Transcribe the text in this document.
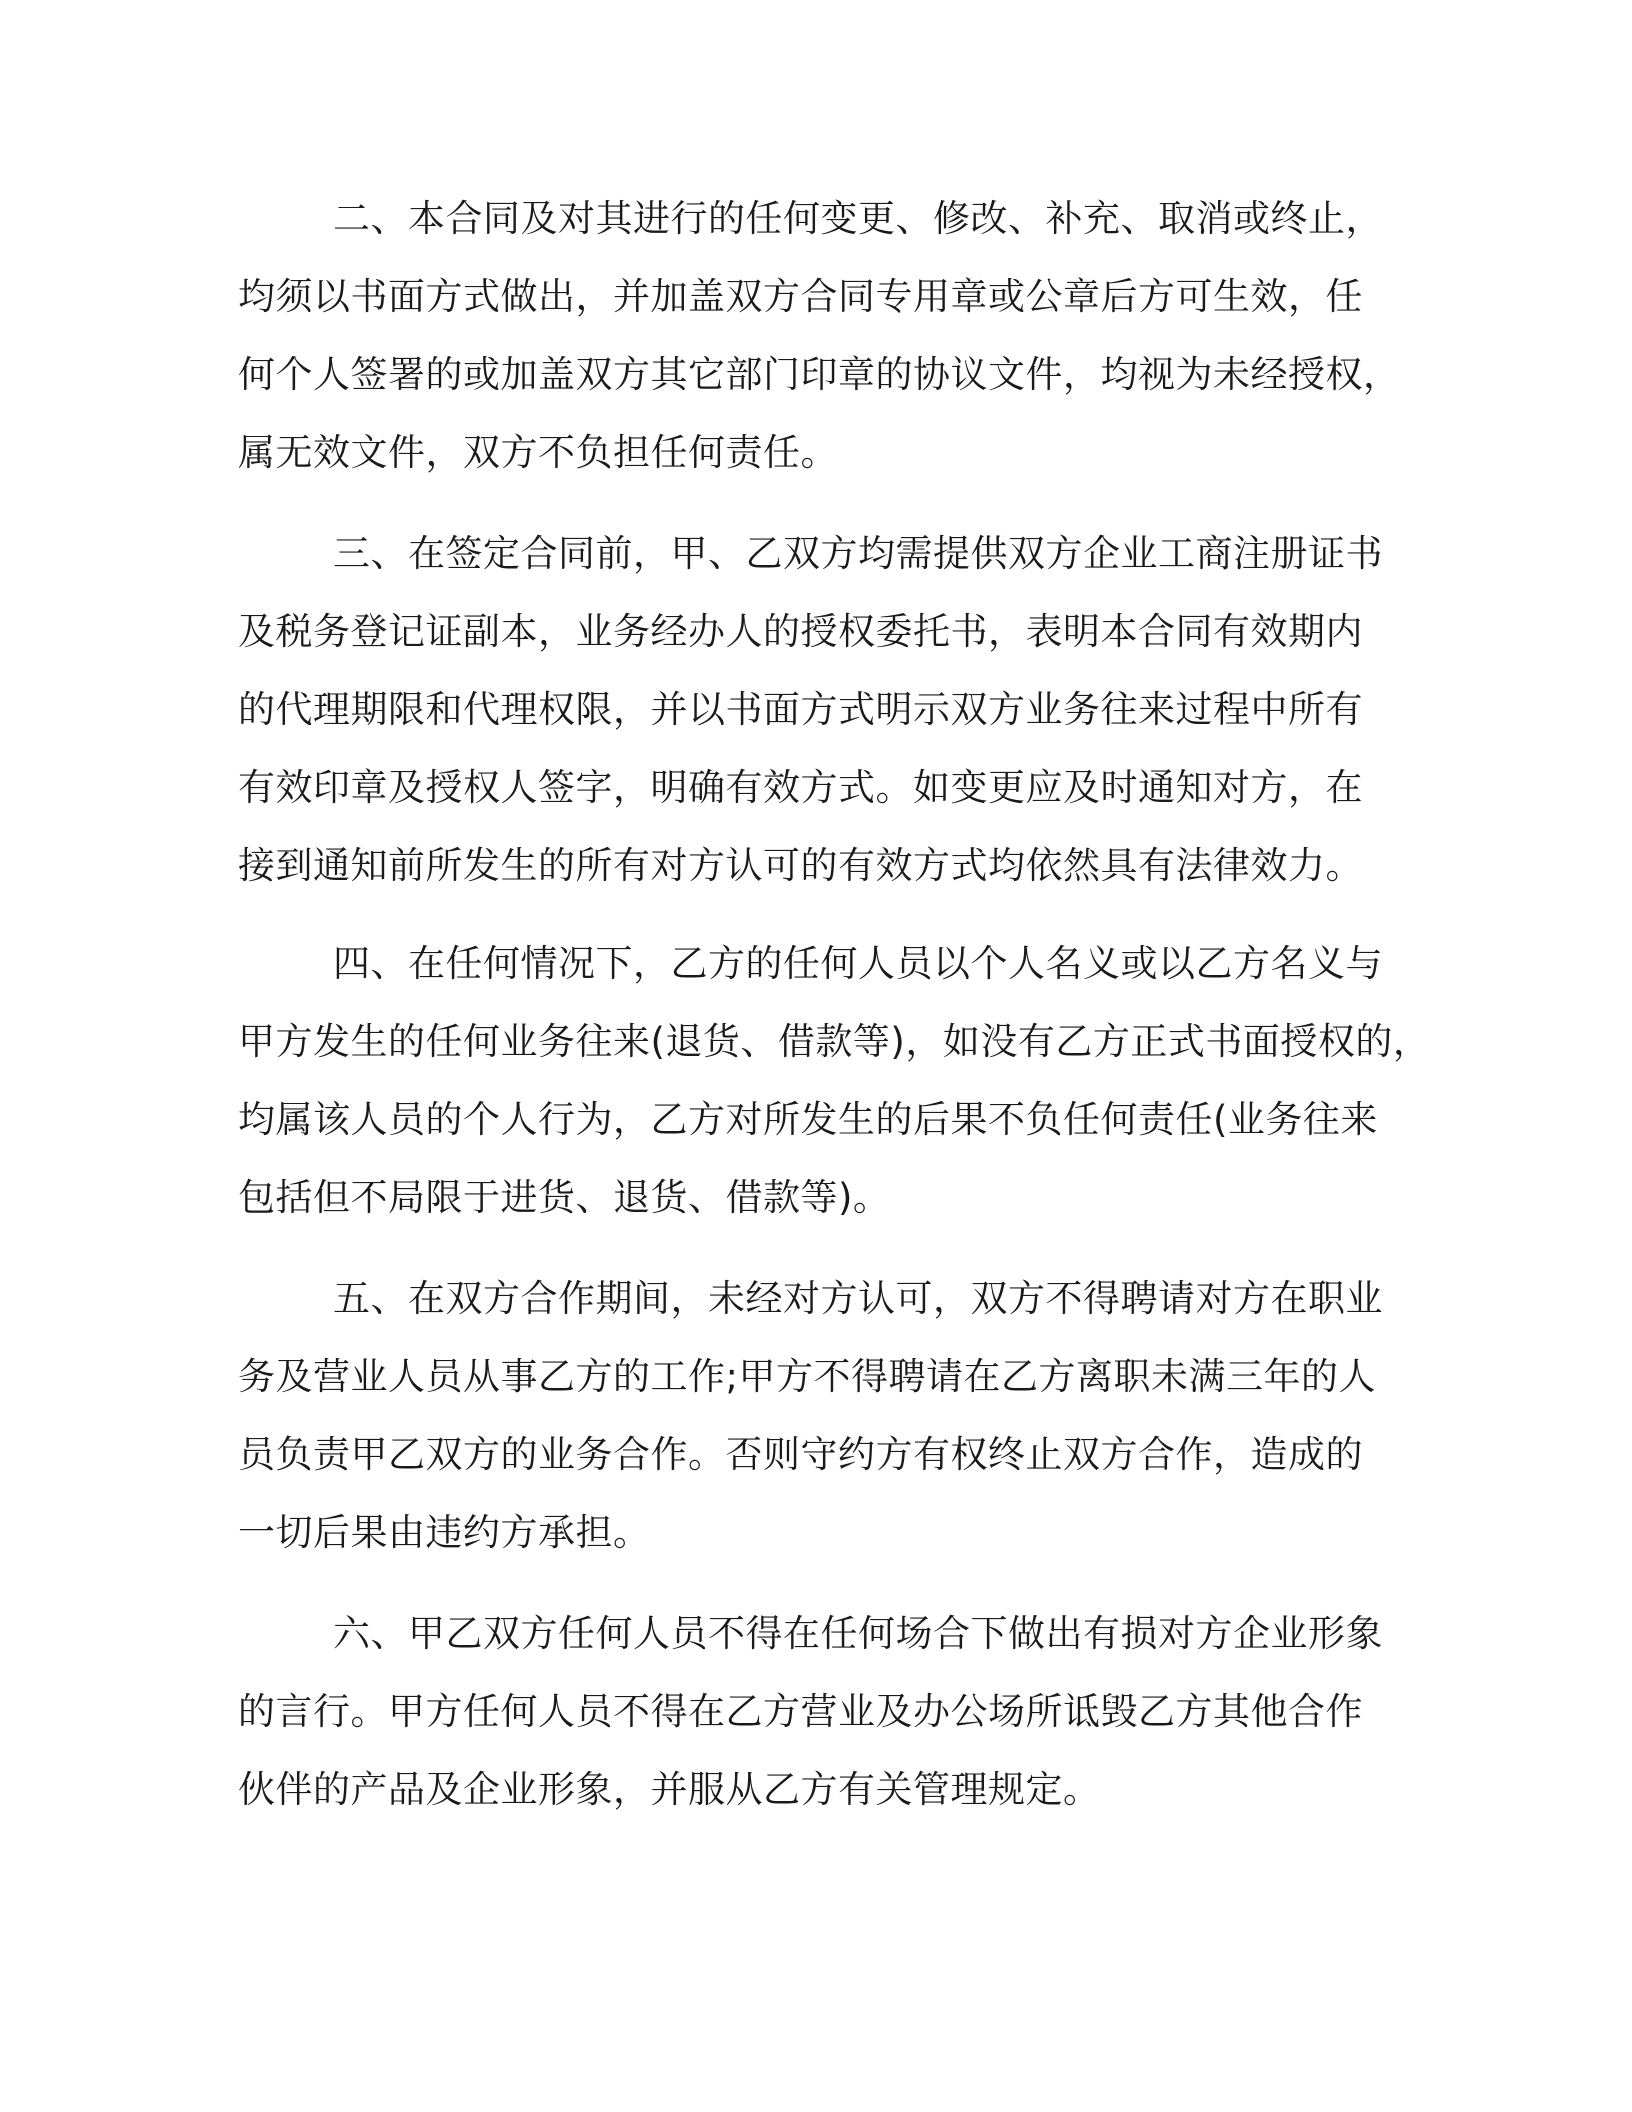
二、本合同及对其进行的任何变更、修改、补充、取消或终止，
均须以书面方式做出，并加盖双方合同专用章或公章后方可生效，任
何个人签署的或加盖双方其它部门印章的协议文件，均视为未经授权，
属无效文件，双方不负担任何责任。
三、在签定合同前，甲、乙双方均需提供双方企业工商注册证书
及税务登记证副本，业务经办人的授权委托书，表明本合同有效期内
的代理期限和代理权限，并以书面方式明示双方业务往来过程中所有
有效印章及授权人签字，明确有效方式。如变更应及时通知对方，在
接到通知前所发生的所有对方认可的有效方式均依然具有法律效力。
四、在任何情况下，乙方的任何人员以个人名义或以乙方名义与
甲方发生的任何业务往来(退货、借款等)，如没有乙方正式书面授权的，
均属该人员的个人行为，乙方对所发生的后果不负任何责任(业务往来
包括但不局限于进货、退货、借款等)。
五、在双方合作期间，未经对方认可，双方不得聘请对方在职业
务及营业人员从事乙方的工作;甲方不得聘请在乙方离职未满三年的人
员负责甲乙双方的业务合作。否则守约方有权终止双方合作，造成的
一切后果由违约方承担。
六、甲乙双方任何人员不得在任何场合下做出有损对方企业形象
的言行。甲方任何人员不得在乙方营业及办公场所诋毁乙方其他合作
伙伴的产品及企业形象，并服从乙方有关管理规定。
